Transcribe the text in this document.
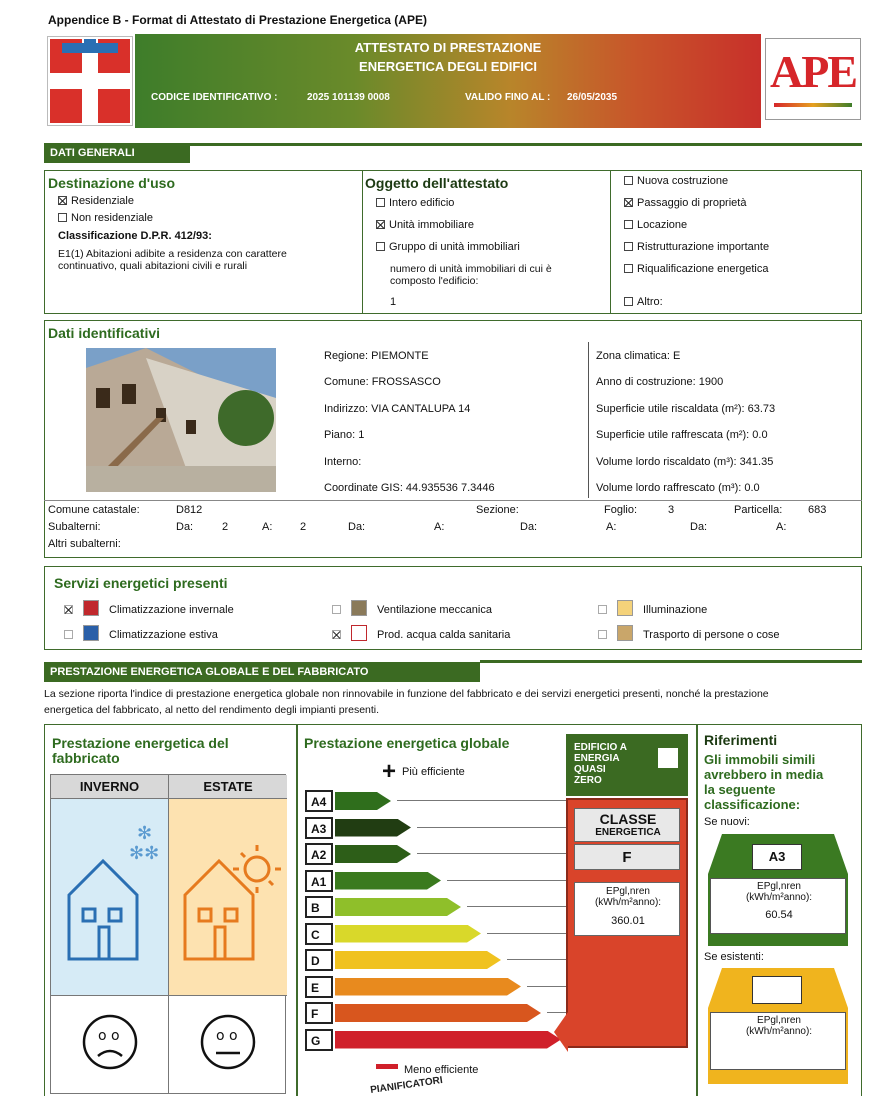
Appendice B - Format di Attestato di Prestazione Energetica (APE)
ATTESTATO DI PRESTAZIONE
ENERGETICA DEGLI EDIFICI
CODICE IDENTIFICATIVO :	2025 101139 0008	VALIDO FINO AL : 26/05/2035
APE
DATI GENERALI
Destinazione d'uso
Residenziale
Non residenziale
Classificazione D.P.R. 412/93:
E1(1) Abitazioni adibite a residenza con carattere
continuativo, quali abitazioni civili e rurali
Oggetto dell'attestato
Intero edificio
Unità immobiliare
Gruppo di unità immobiliari
numero di unità immobiliari di cui è
composto l'edificio:
1
Nuova costruzione
Passaggio di proprietà
Locazione
Ristrutturazione importante
Riqualificazione energetica
Altro:
Dati identificativi
Regione: PIEMONTE
Comune: FROSSASCO
Indirizzo: VIA CANTALUPA 14
Piano: 1
Interno:
Coordinate GIS: 44.935536 7.3446
Zona climatica: E
Anno di costruzione: 1900
Superficie utile riscaldata (m²): 63.73
Superficie utile raffrescata (m²): 0.0
Volume lordo riscaldato (m³): 341.35
Volume lordo raffrescato (m³): 0.0
Comune catastale:	D812	Sezione:	Foglio:	3	Particella: 683
Subalterni:	Da:	2	A:	2	Da:	A:	Da:	A:	Da:	A:
Altri subalterni:
Servizi energetici presenti
Climatizzazione invernale
Climatizzazione estiva
Ventilazione meccanica
Prod. acqua calda sanitaria
Illuminazione
Trasporto di persone o cose
PRESTAZIONE ENERGETICA GLOBALE E DEL FABBRICATO
La sezione riporta l'indice di prestazione energetica globale non rinnovabile in funzione del fabbricato e dei servizi energetici presenti, nonché la prestazione
energetica del fabbricato, al netto del rendimento degli impianti presenti.
Prestazione energetica del
fabbricato
INVERNO	ESTATE
✻✻
✻
o o	o o
Prestazione energetica globale
+ Più efficiente
A4
A3
A2
A1
B
C
D
E
F
G
Meno efficiente
PIANIFICATORI
EDIFICIO A
ENERGIA
QUASI
ZERO
CLASSE
ENERGETICA
F
EPgl,nren
(kWh/m²anno):
360.01
Riferimenti
Gli immobili simili
avrebbero in media
la seguente
classificazione:
Se nuovi:
A3
EPgl,nren
(kWh/m²anno):
60.54
Se esistenti:
EPgl,nren
(kWh/m²anno):
